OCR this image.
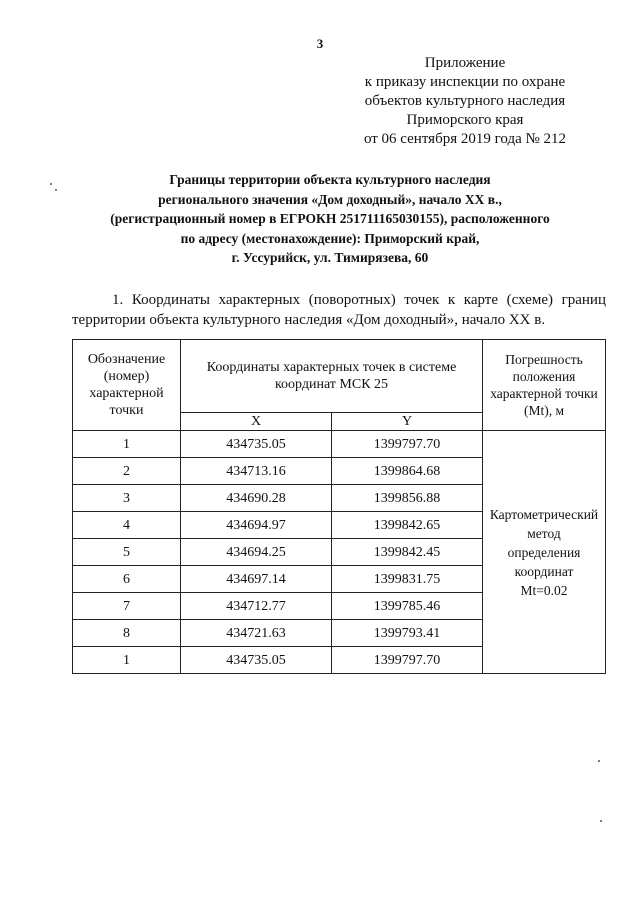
3
Приложение
к приказу инспекции по охране
объектов культурного наследия
Приморского края
от 06 сентября 2019 года № 212
Границы территории объекта культурного наследия
регионального значения «Дом доходный», начало XX в.,
(регистрационный номер в ЕГРОКН 251711165030155), расположенного
по адресу (местонахождение): Приморский край,
г. Уссурийск, ул. Тимирязева, 60
1. Координаты характерных (поворотных) точек к карте (схеме) границ
территории объекта культурного наследия «Дом доходный», начало XX в.
Обозначение (номер) характерной точки	Координаты характерных точек в системе координат МСК 25		Погрешность положения характерной точки (Mt), м

	X	Y	
1	434735.05	1399797.70	Картометрический
метод
определения
координат
Mt=0.02

2	434713.16	1399864.68	
3	434690.28	1399856.88	
4	434694.97	1399842.65	
5	434694.25	1399842.45	
6	434697.14	1399831.75	
7	434712.77	1399785.46	
8	434721.63	1399793.41	
1	434735.05	1399797.70	
